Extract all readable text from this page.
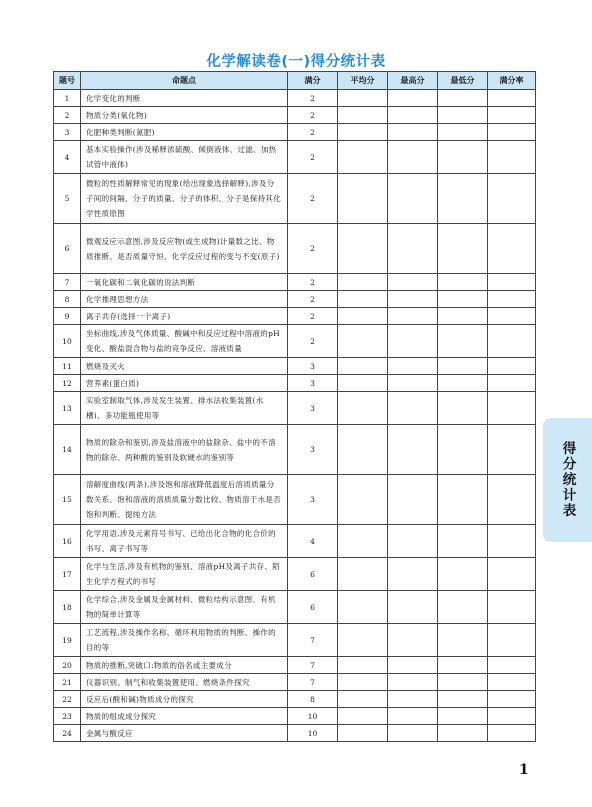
化学解读卷(一)得分统计表
题号	命题点	满分	平均分	最高分	最低分	满分率
1	化学变化的判断	2				
2	物质分类(氧化物)	2				
3	化肥种类判断(氮肥)	2				
4	基本实验操作(涉及稀释浓硫酸、倾倒液体、过滤、加热试管中液体)	2				
5	微粒的性质解释常见的现象(给出现象选择解释),涉及分子间的间隔、分子的质量、分子的体积、分子是保持其化学性质原图	2				
6	微观反应示意图,涉及反应物(或生成物)计量数之比、物质推断、是否质量守恒、化学反应过程的变与不变(原子)	2				
7	一氧化碳和二氧化碳的说法判断	2				
8	化学推理思想方法	2				
9	离子共存(选择一个离子)	2				
10	坐标曲线,涉及气体质量、酸碱中和反应过程中溶液的pH变化、酸盐混合物与盐的竞争反应、溶液质量	2				
11	燃烧及灭火	3				
12	营养素(蛋白质)	3				
13	实验室制取气体,涉及发生装置、排水法收集装置(水槽)、多功能瓶使用等	3				
14	物质的除杂和鉴别,涉及盐溶液中的盐除杂、盐中的不溶物的除杂、两种酸的鉴别及软硬水的鉴别等	3				
15	溶解度曲线(两条),涉及饱和溶液降低温度后溶质质量分数关系、饱和溶液的溶质质量分数比较、物质溶于水是否饱和判断、提纯方法	3				
16	化学用语,涉及元素符号书写、已给出化合物的化合价的书写、离子书写等	4				
17	化学与生活,涉及有机物的鉴别、溶液pH及离子共存、陌生化学方程式的书写	6				
18	化学综合,涉及金属及金属材料、微粒结构示意图、有机物的简单计算等	6				
19	工艺流程,涉及操作名称、循环利用物质的判断、操作的目的等	7				
20	物质的推断,突破口:物质的俗名或主要成分	7				
21	仪器识别、制气和收集装置使用、燃烧条件探究	7				
22	反应后(酸和碱)物质成分的探究	8				
23	物质的组成成分探究	10				
24	金属与酸反应	10				
得分统计表
1
